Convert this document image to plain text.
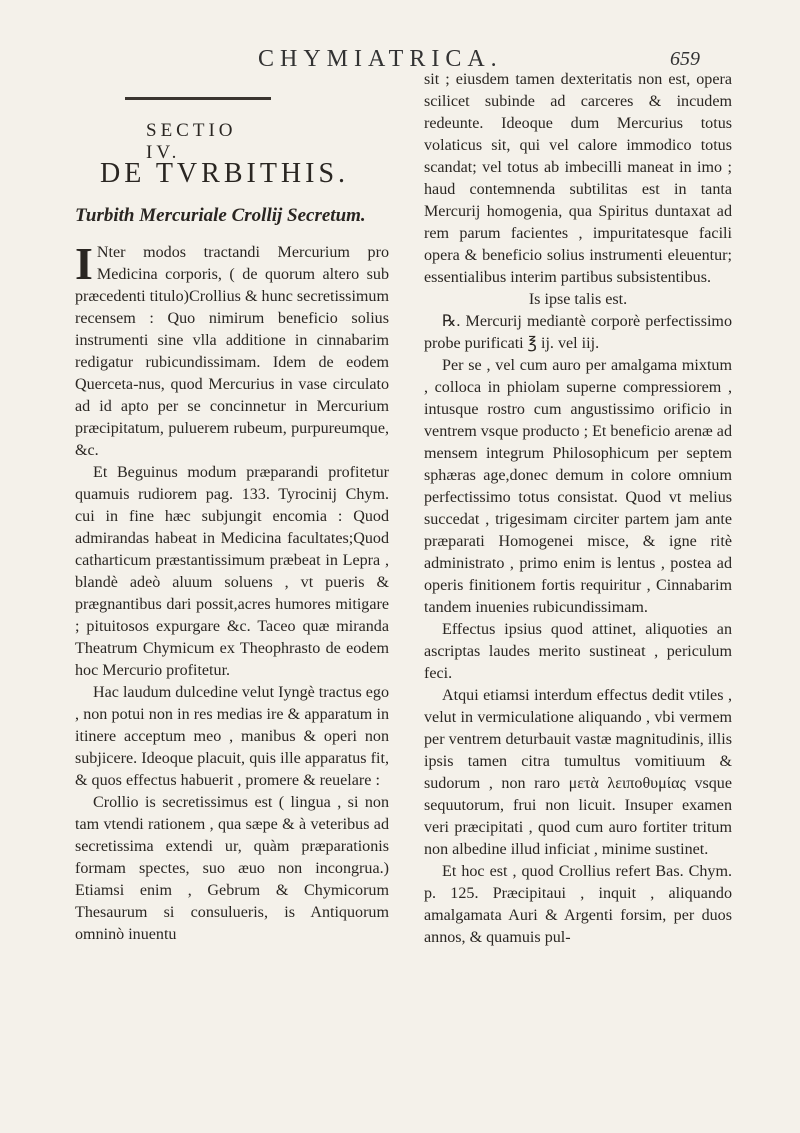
CHYMIATRICA.	659
SECTIO IV.
DE TVRBITHIS.
Turbith Mercuriale Crollij Secretum.

I Nter modos tractandi Mercurium pro Medicina corporis, ( de quorum altero sub præcedenti titulo)Crollius & hunc secretissimum recensem : Quo nimirum beneficio solius instrumenti sine vlla additione in cinnabarim redigatur rubicundissimam. Idem de eodem Querceta-nus, quod Mercurius in vase circulato ad id apto per se concinnetur in Mercurium præcipitatum, puluerem rubeum, purpureumque, &c.

Et Beguinus modum præparandi profitetur quamuis rudiorem pag. 133. Tyrocinij Chym. cui in fine hæc subjungit encomia : Quod admirandas habeat in Medicina facultates;Quod catharticum præstantissimum præbeat in Lepra , blandè adeò aluum soluens , vt pueris & prægnantibus dari possit,acres humores mitigare ; pituitosos expurgare &c. Taceo quæ miranda Theatrum Chymicum ex Theophrasto de eodem hoc Mercurio profitetur.

Hac laudum dulcedine velut Iyngè tractus ego , non potui non in res medias ire & apparatum in itinere acceptum meo , manibus & operi non subjicere. Ideoque placuit, quis ille apparatus fit, & quos effectus habuerit , promere & reuelare :

Crollio is secretissimus est ( lingua , si non tam vtendi rationem , qua sæpe & à veteribus ad secretissima extendi ur, quàm præparationis formam spectes, suo æuo non incongrua.) Etiamsi enim , Gebrum & Chymicorum Thesaurum si consulueris, is Antiquorum omninò inuentu

sit ; eiusdem tamen dexteritatis non est, opera scilicet subinde ad carceres & incudem redeunte. Ideoque dum Mercurius totus volaticus sit, qui vel calore immodico totus scandat; vel totus ab imbecilli maneat in imo ; haud contemnenda subtilitas est in tanta Mercurij homogenia, qua Spiritus duntaxat ad rem parum facientes , impuritatesque facili opera & beneficio solius instrumenti eleuentur; essentialibus interim partibus subsistentibus.

Is ipse talis est.

℞. Mercurij mediantè corporè perfectissimo probe purificati ℥ ij. vel iij.

Per se , vel cum auro per amalgama mixtum , colloca in phiolam superne compressiorem , intusque rostro cum angustissimo orificio in ventrem vsque producto ; Et beneficio arenæ ad mensem integrum Philosophicum per septem sphæras age,donec demum in colore omnium perfectissimo totus consistat. Quod vt melius succedat , trigesimam circiter partem jam ante præparati Homogenei misce, & igne ritè administrato , primo enim is lentus , postea ad operis finitionem fortis requiritur , Cinnabarim tandem inuenies rubicundissimam.

Effectus ipsius quod attinet, aliquoties an ascriptas laudes merito sustineat , periculum feci.

Atqui etiamsi interdum effectus dedit vtiles , velut in vermiculatione aliquando , vbi vermem per ventrem deturbauit vastæ magnitudinis, illis ipsis tamen citra tumultus vomitiuum & sudorum , non raro μετὰ λειποθυμίας vsque sequutorum, frui non licuit. Insuper examen veri præcipitati , quod cum auro fortiter tritum non albedine illud inficiat , minime sustinet.

Et hoc est , quod Crollius refert Bas. Chym. p. 125. Præcipitaui , inquit , aliquando amalgamata Auri & Argenti forsim, per duos annos, & quamuis pul-
